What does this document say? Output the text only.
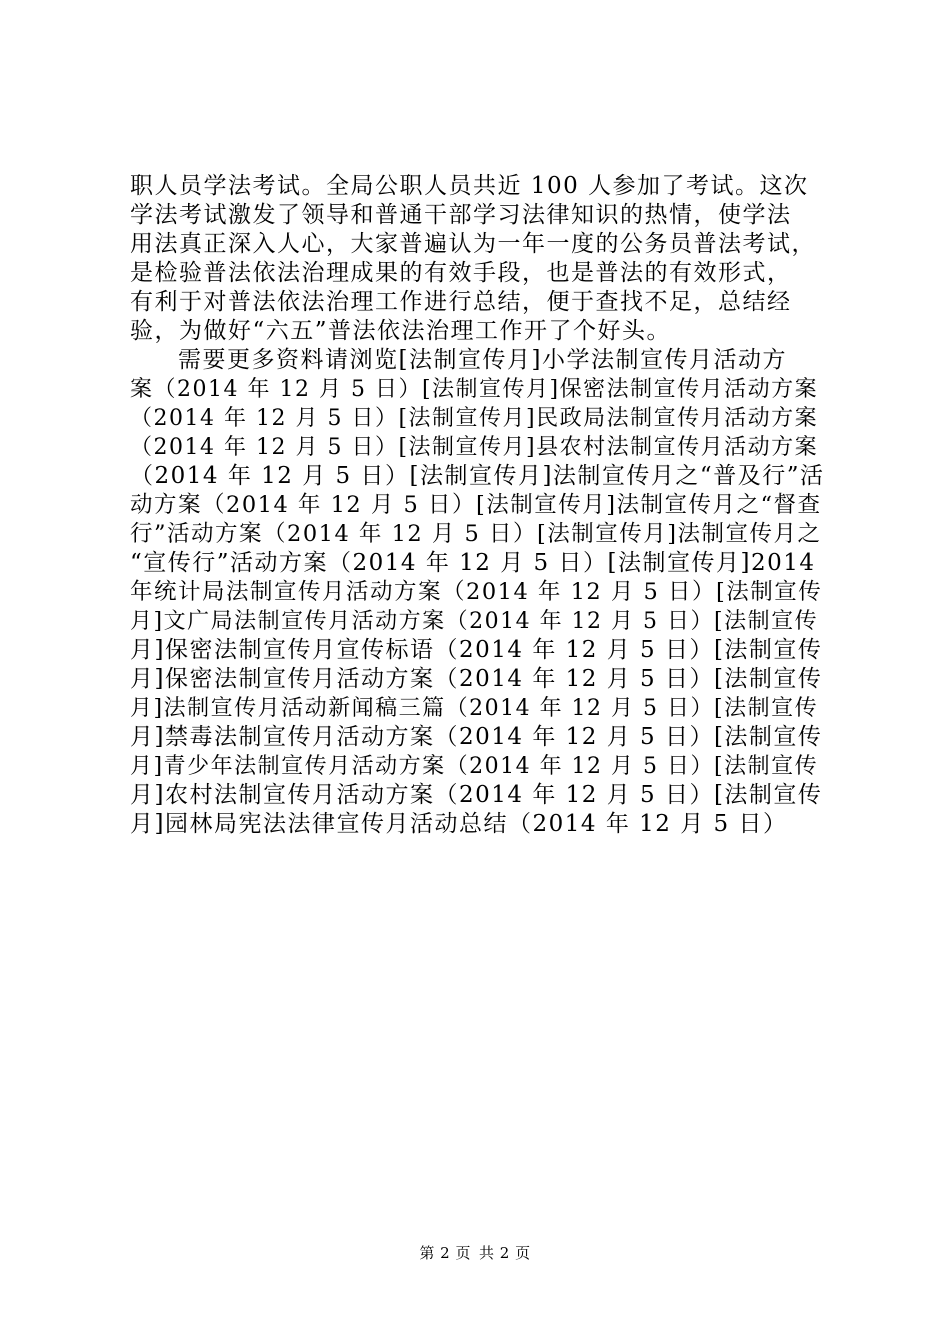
职人员学法考试。全局公职人员共近 100 人参加了考试。这次
学法考试激发了领导和普通干部学习法律知识的热情，使学法
用法真正深入人心，大家普遍认为一年一度的公务员普法考试，
是检验普法依法治理成果的有效手段，也是普法的有效形式，
有利于对普法依法治理工作进行总结，便于查找不足，总结经
验，为做好“六五”普法依法治理工作开了个好头。
需要更多资料请浏览[法制宣传月]小学法制宣传月活动方
案（2014 年 12 月 5 日）[法制宣传月]保密法制宣传月活动方案
（2014 年 12 月 5 日）[法制宣传月]民政局法制宣传月活动方案
（2014 年 12 月 5 日）[法制宣传月]县农村法制宣传月活动方案
（2014 年 12 月 5 日）[法制宣传月]法制宣传月之“普及行”活
动方案（2014 年 12 月 5 日）[法制宣传月]法制宣传月之“督查
行”活动方案（2014 年 12 月 5 日）[法制宣传月]法制宣传月之
“宣传行”活动方案（2014 年 12 月 5 日）[法制宣传月]2014
年统计局法制宣传月活动方案（2014 年 12 月 5 日）[法制宣传
月]文广局法制宣传月活动方案（2014 年 12 月 5 日）[法制宣传
月]保密法制宣传月宣传标语（2014 年 12 月 5 日）[法制宣传
月]保密法制宣传月活动方案（2014 年 12 月 5 日）[法制宣传
月]法制宣传月活动新闻稿三篇（2014 年 12 月 5 日）[法制宣传
月]禁毒法制宣传月活动方案（2014 年 12 月 5 日）[法制宣传
月]青少年法制宣传月活动方案（2014 年 12 月 5 日）[法制宣传
月]农村法制宣传月活动方案（2014 年 12 月 5 日）[法制宣传
月]园林局宪法法律宣传月活动总结（2014 年 12 月 5 日）
第 2 页 共 2 页
